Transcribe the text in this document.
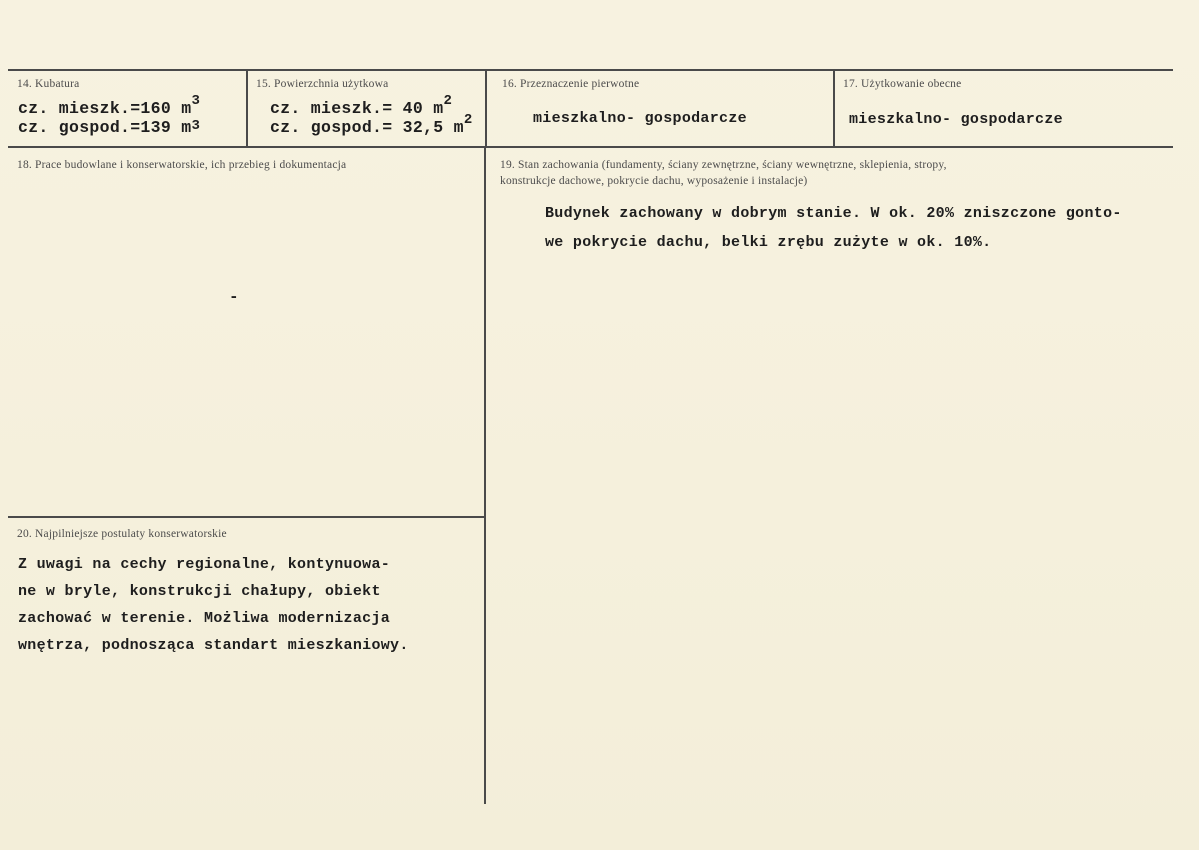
14. Kubatura
cz. mieszk.=160 $m^3$
cz. gospod.=139 m3
15. Powierzchnia użytkowa
cz. mieszk.= 40 $m^2$
cz. gospod.= 32,5 $m^2$
16. Przeznaczenie pierwotne
mieszkalno- gospodarcze
17. Użytkowanie obecne
mieszkalno- gospodarcze
18. Prace budowlane i konserwatorskie, ich przebieg i dokumentacja
-
19. Stan zachowania (fundamenty, ściany zewnętrzne, ściany wewnętrzne, sklepienia, stropy,
konstrukcje dachowe, pokrycie dachu, wyposażenie i instalacje)
Budynek zachowany w dobrym stanie. W ok. 20% zniszczone gonto-
we pokrycie dachu, belki zrębu zużyte w ok. 10%.
20. Najpilniejsze postulaty konserwatorskie
Z uwagi na cechy regionalne, kontynuowa-
ne w bryle, konstrukcji chałupy, obiekt
zachować w terenie. Możliwa modernizacja
wnętrza, podnosząca standart mieszkaniowy.
